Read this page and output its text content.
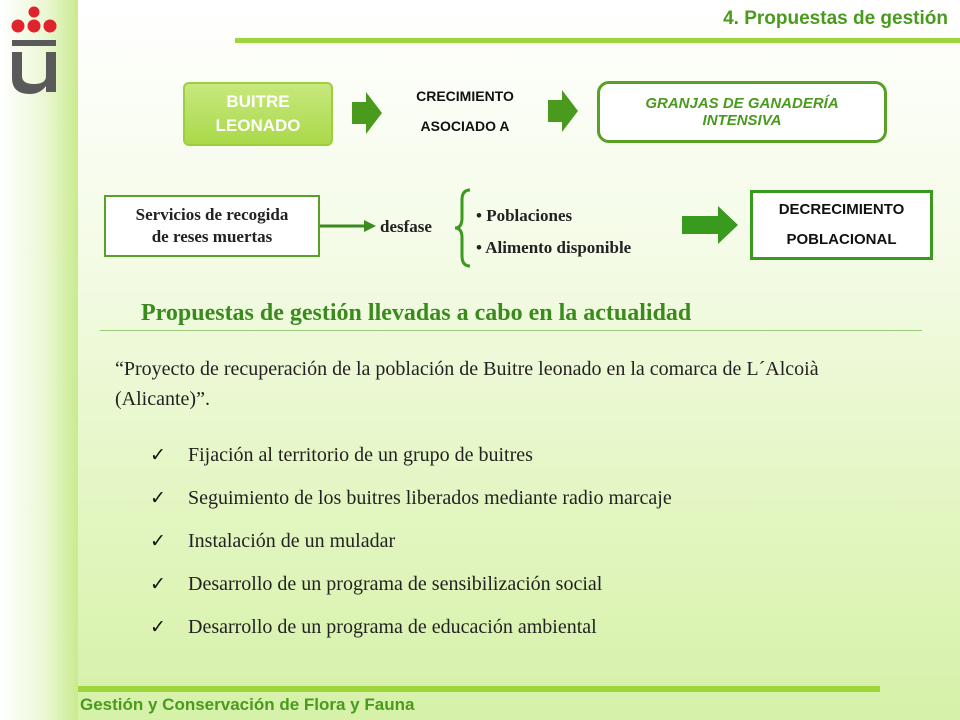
4. Propuestas de gestión
BUITRE
LEONADO
CRECIMIENTO
ASOCIADO A
GRANJAS DE GANADERÍA
INTENSIVA
Servicios de recogida
de reses muertas
desfase
• Poblaciones
• Alimento disponible
DECRECIMIENTO
POBLACIONAL
Propuestas de gestión llevadas a cabo en la actualidad
“Proyecto de recuperación de la población de Buitre leonado en la comarca de L´Alcoià (Alicante)”.
✓	Fijación al territorio de un grupo de buitres
✓	Seguimiento de los buitres liberados mediante radio marcaje
✓	Instalación de un muladar
✓	Desarrollo de un programa de sensibilización social
✓	Desarrollo de un programa de educación ambiental
Gestión y Conservación de Flora y Fauna
